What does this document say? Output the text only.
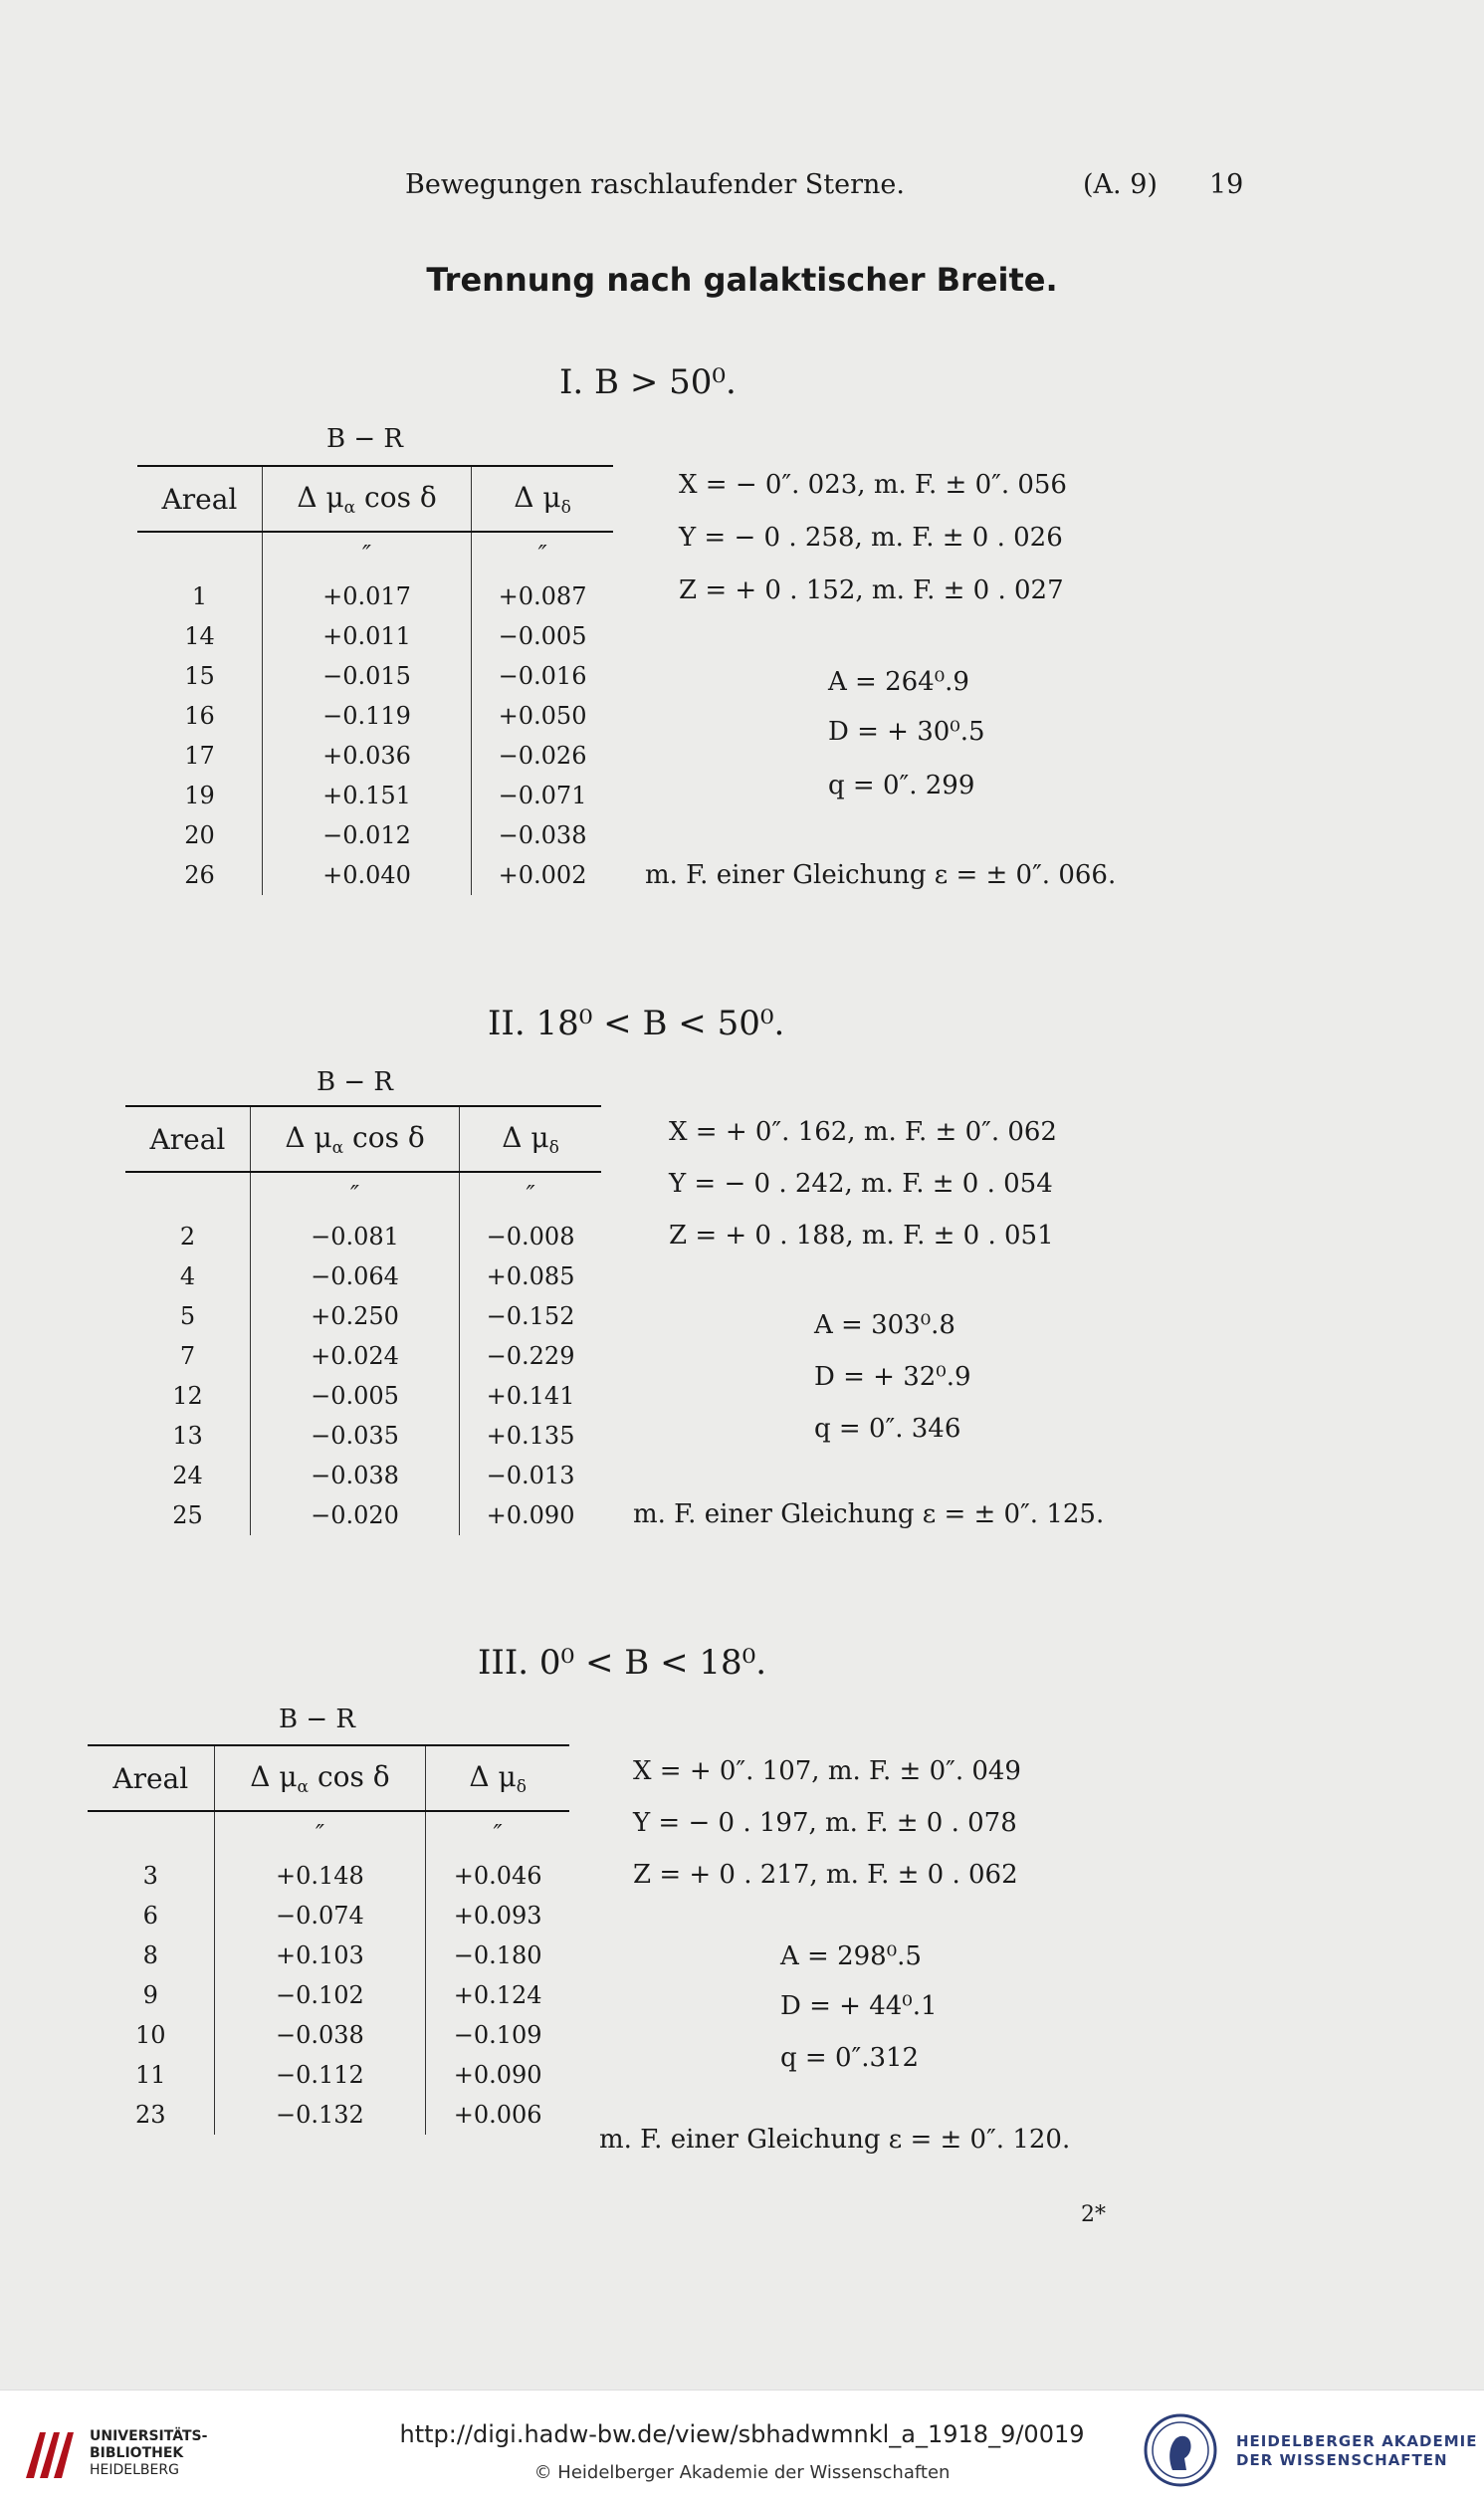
Bewegungen raschlaufender Sterne.	(A. 9) 19
Trennung nach galaktischer Breite.
I. B > 50⁰.
B − R
Areal	Δ $\mu_\alpha$ cos δ	Δ $\mu_\delta$
	″	″
1	+0.017	+0.087
14	+0.011	−0.005
15	−0.015	−0.016
16	−0.119	+0.050
17	+0.036	−0.026
19	+0.151	−0.071
20	−0.012	−0.038
26	+0.040	+0.002
X = − 0″. 023, m. F. ± 0″. 056
Y = − 0 . 258, m. F. ± 0 . 026
Z = + 0 . 152, m. F. ± 0 . 027
A = 264⁰.9
D = + 30⁰.5
q = 0″. 299
m. F. einer Gleichung ε = ± 0″. 066.
II. 18⁰ < B < 50⁰.
B − R
Areal	Δ $\mu_\alpha$ cos δ	Δ $\mu_\delta$
	″	″
2	−0.081	−0.008
4	−0.064	+0.085
5	+0.250	−0.152
7	+0.024	−0.229
12	−0.005	+0.141
13	−0.035	+0.135
24	−0.038	−0.013
25	−0.020	+0.090
X = + 0″. 162, m. F. ± 0″. 062
Y = − 0 . 242, m. F. ± 0 . 054
Z = + 0 . 188, m. F. ± 0 . 051
A = 303⁰.8
D = + 32⁰.9
q = 0″. 346
m. F. einer Gleichung ε = ± 0″. 125.
III. 0⁰ < B < 18⁰.
B − R
Areal	Δ $\mu_\alpha$ cos δ	Δ $\mu_\delta$
	″	″
3	+0.148	+0.046
6	−0.074	+0.093
8	+0.103	−0.180
9	−0.102	+0.124
10	−0.038	−0.109
11	−0.112	+0.090
23	−0.132	+0.006
X = + 0″. 107, m. F. ± 0″. 049
Y = − 0 . 197, m. F. ± 0 . 078
Z = + 0 . 217, m. F. ± 0 . 062
A = 298⁰.5
D = + 44⁰.1
q = 0″.312
m. F. einer Gleichung ε = ± 0″. 120.
2*
UNIVERSITÄTS-
BIBLIOTHEK
HEIDELBERG
http://digi.hadw-bw.de/view/sbhadwmnkl_a_1918_9/0019
© Heidelberger Akademie der Wissenschaften
HEIDELBERGER AKADEMIE
DER WISSENSCHAFTEN
